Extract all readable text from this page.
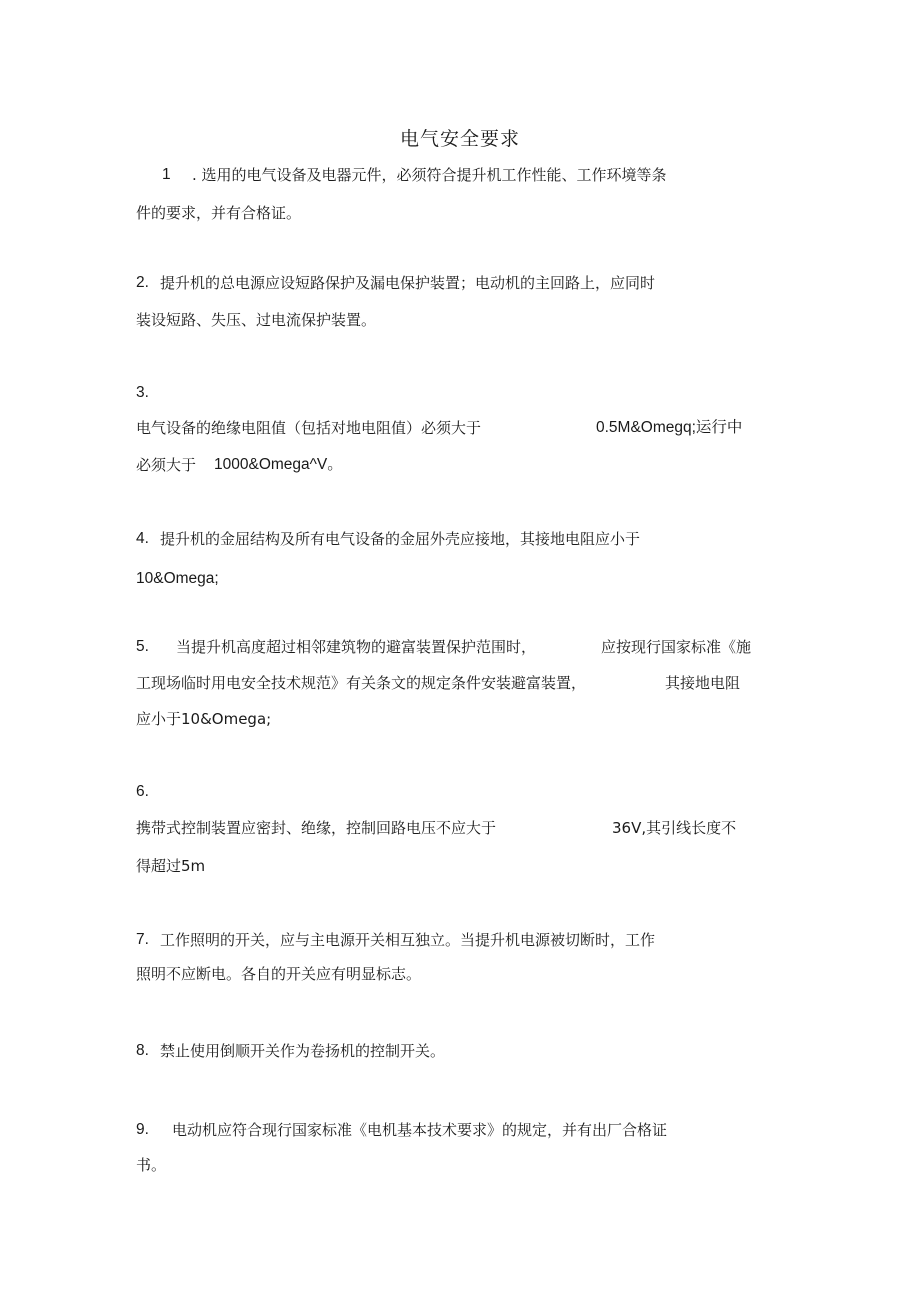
电气安全要求
1 . 选用的电气设备及电器元件，必须符合提升机工作性能、工作环境等条
件的要求，并有合格证。
2. 提升机的总电源应设短路保护及漏电保护装置；电动机的主回路上，应同时
装设短路、失压、过电流保护装置。
3.
电气设备的绝缘电阻值（包括对地电阻值）必须大于	0.5M&Omegq;运行中
必须大于 1000&Omega^V。
4. 提升机的金屈结构及所有电气设备的金屈外壳应接地，其接地电阻应小于
10&Omega;
5. 当提升机高度超过相邻建筑物的避富装置保护范围时，	应按现行国家标准《施
工现场临时用电安全技术规范》有关条文的规定条件安装避富装置，	其接地电阻
应小于10&Omega;
6.
携带式控制装置应密封、绝缘，控制回路电压不应大于	36V,其引线长度不
得超过5m
7. 工作照明的开关，应与主电源开关相互独立。当提升机电源被切断时，工作
照明不应断电。各自的开关应有明显标志。
8. 禁止使用倒顺开关作为卷扬机的控制开关。
9. 电动机应符合现行国家标准《电机基本技术要求》的规定，并有出厂合格证
书。
